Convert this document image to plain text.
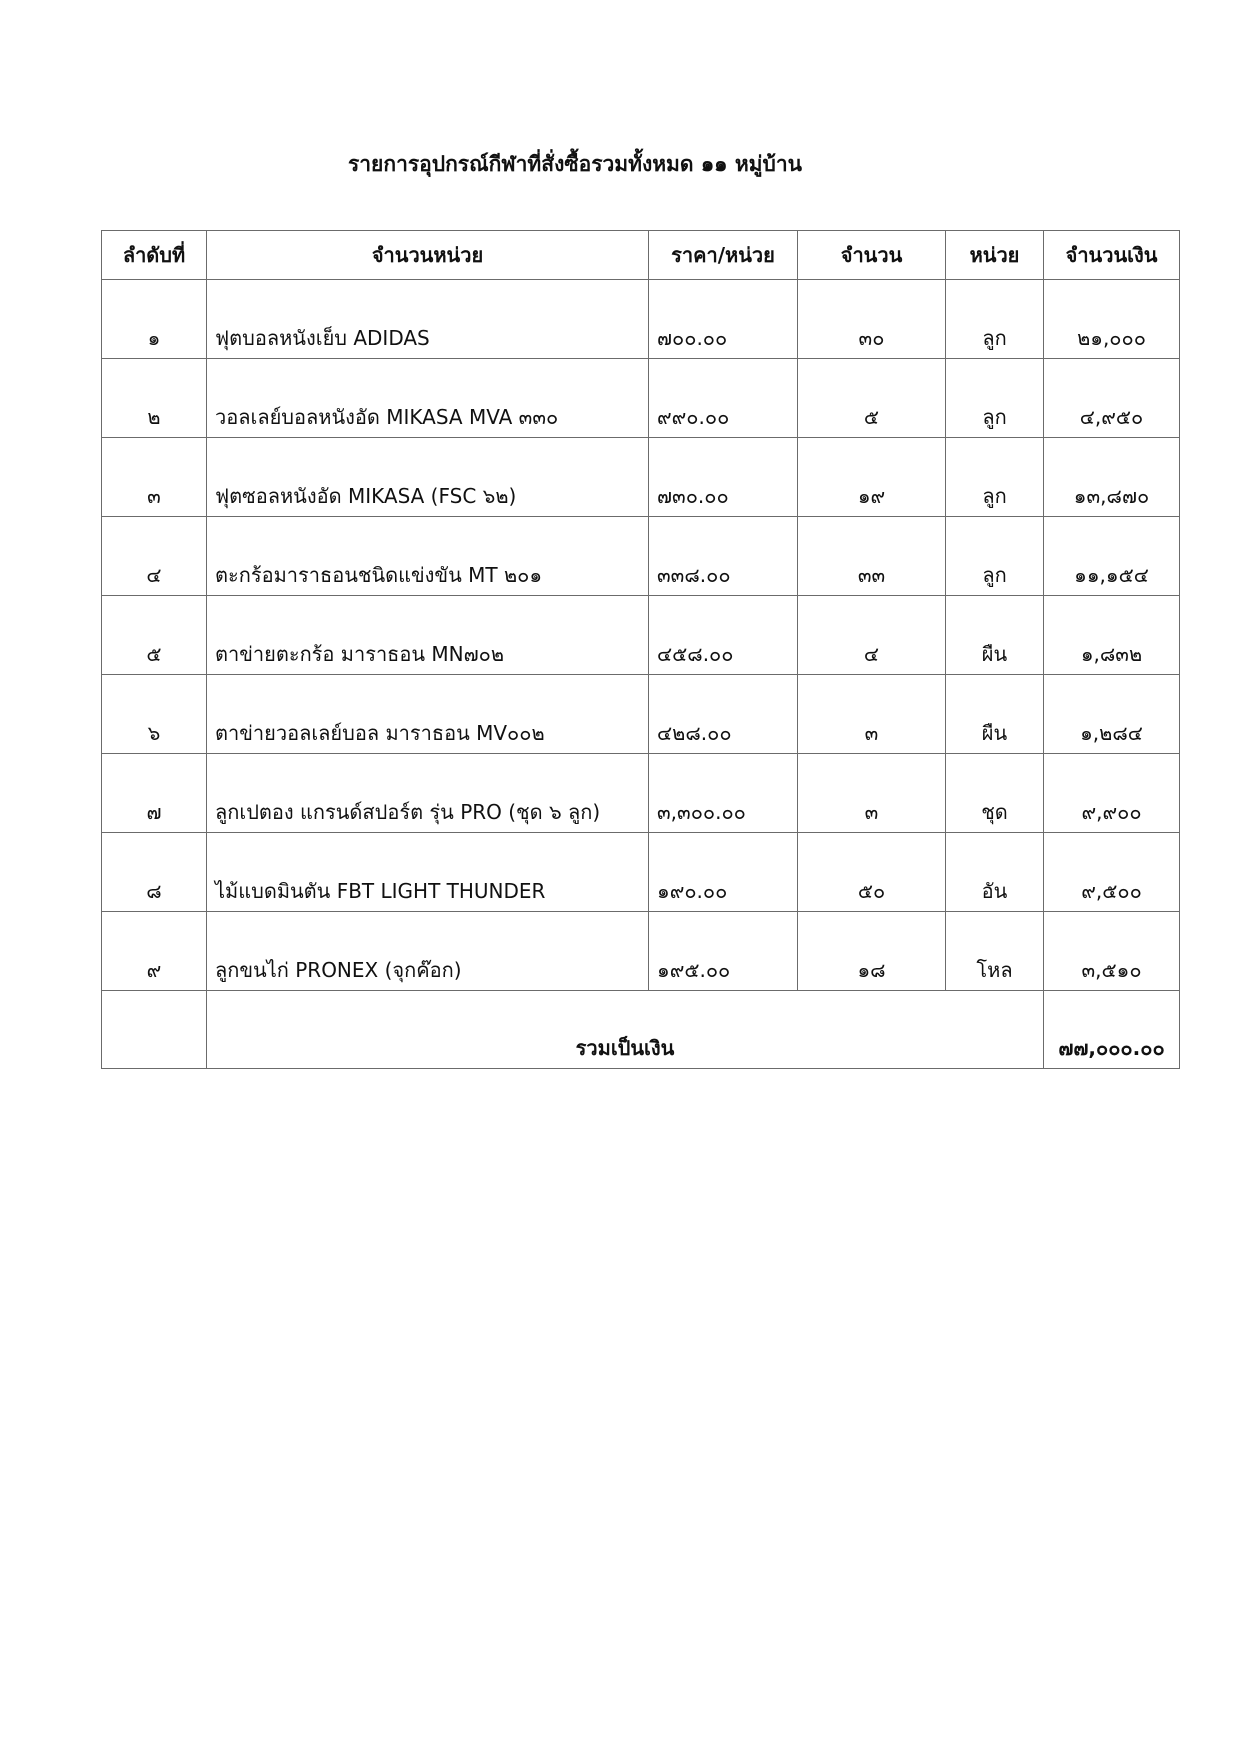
รายการอุปกรณ์กีฬาที่สั่งซื้อรวมทั้งหมด ๑๑ หมู่บ้าน
ลำดับที่	จำนวนหน่วย	ราคา/หน่วย	จำนวน	หน่วย	จำนวนเงิน
๑	ฟุตบอลหนังเย็บ ADIDAS	๗๐๐.๐๐	๓๐	ลูก	๒๑,๐๐๐
๒	วอลเลย์บอลหนังอัด MIKASA MVA ๓๓๐	๙๙๐.๐๐	๕	ลูก	๔,๙๕๐
๓	ฟุตซอลหนังอัด MIKASA (FSC ๖๒)	๗๓๐.๐๐	๑๙	ลูก	๑๓,๘๗๐
๔	ตะกร้อมาราธอนชนิดแข่งขัน MT ๒๐๑	๓๓๘.๐๐	๓๓	ลูก	๑๑,๑๕๔
๕	ตาข่ายตะกร้อ มาราธอน MN๗๐๒	๔๕๘.๐๐	๔	ผืน	๑,๘๓๒
๖	ตาข่ายวอลเลย์บอล มาราธอน MV๐๐๒	๔๒๘.๐๐	๓	ผืน	๑,๒๘๔
๗	ลูกเปตอง แกรนด์สปอร์ต รุ่น PRO (ชุด ๖ ลูก)	๓,๓๐๐.๐๐	๓	ชุด	๙,๙๐๐
๘	ไม้แบดมินตัน FBT LIGHT THUNDER	๑๙๐.๐๐	๕๐	อัน	๙,๕๐๐
๙	ลูกขนไก่ PRONEX (จุกค๊อก)	๑๙๕.๐๐	๑๘	โหล	๓,๕๑๐
	รวมเป็นเงิน				๗๗,๐๐๐.๐๐
